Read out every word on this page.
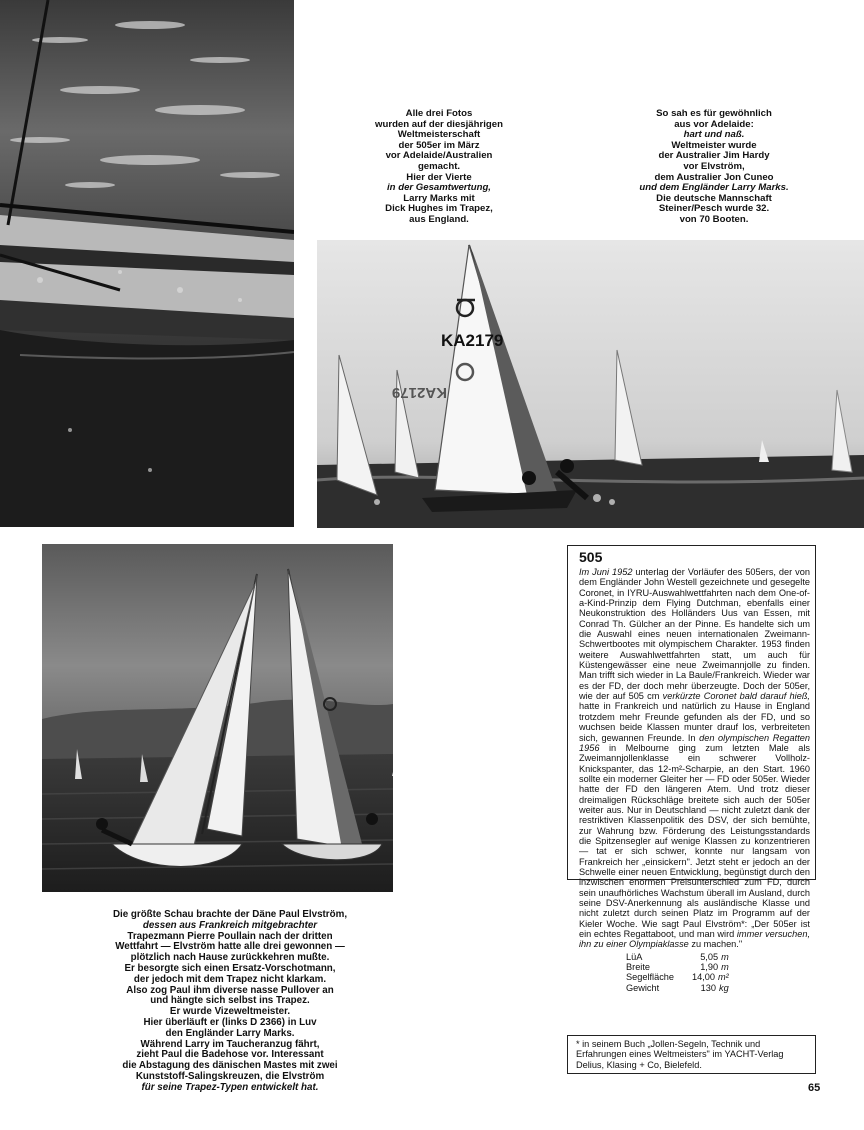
Alle drei Fotos
wurden auf der diesjährigen
Weltmeisterschaft
der 505er im März
vor Adelaide/Australien
gemacht.
Hier der Vierte
in der Gesamtwertung,
Larry Marks mit
Dick Hughes im Trapez,
aus England.
So sah es für gewöhnlich
aus vor Adelaide:
hart und naß.
Weltmeister wurde
der Australier Jim Hardy
vor Elvström,
dem Australier Jon Cuneo
und dem Engländer Larry Marks.
Die deutsche Mannschaft
Steiner/Pesch wurde 32.
von 70 Booten.
KA2179
KA2179
Die größte Schau brachte der Däne Paul Elvström,
dessen aus Frankreich mitgebrachter
Trapezmann Pierre Poullain nach der dritten
Wettfahrt — Elvström hatte alle drei gewonnen —
plötzlich nach Hause zurückkehren mußte.
Er besorgte sich einen Ersatz-Vorschotmann,
der jedoch mit dem Trapez nicht klarkam.
Also zog Paul ihm diverse nasse Pullover an
und hängte sich selbst ins Trapez.
Er wurde Vizeweltmeister.
Hier überläuft er (links D 2366) in Luv
den Engländer Larry Marks.
Während Larry im Taucheranzug fährt,
zieht Paul die Badehose vor. Interessant
die Abstagung des dänischen Mastes mit zwei
Kunststoff-Salingskreuzen, die Elvström
für seine Trapez-Typen entwickelt hat.
505

Im Juni 1952 unterlag der Vorläufer des 505ers, der von dem Engländer John Westell gezeichnete und gesegelte Coronet, in IYRU-Auswahlwettfahrten nach dem One-of-a-Kind-Prinzip dem Flying Dutchman, ebenfalls einer Neukonstruktion des Holländers Uus van Essen, mit Conrad Th. Gülcher an der Pinne. Es handelte sich um die Auswahl eines neuen internationalen Zweimann-Schwertbootes mit olympischem Charakter. 1953 finden weitere Auswahlwettfahrten statt, um auch für Küstengewässer eine neue Zweimannjolle zu finden. Man trifft sich wieder in La Baule/Frankreich. Wieder war es der FD, der doch mehr überzeugte. Doch der 505er, wie der auf 505 cm verkürzte Coronet bald darauf hieß, hatte in Frankreich und natürlich zu Hause in England trotzdem mehr Freunde gefunden als der FD, und so wuchsen beide Klassen munter drauf los, verbreiteten sich, gewannen Freunde. In den olympischen Regatten 1956 in Melbourne ging zum letzten Male als Zweimannjollenklasse ein schwerer Vollholz-Knickspanter, das 12-m²-Scharpie, an den Start. 1960 sollte ein moderner Gleiter her — FD oder 505er. Wieder hatte der FD den längeren Atem. Und trotz dieser dreimaligen Rückschläge breitete sich auch der 505er weiter aus. Nur in Deutschland — nicht zuletzt dank der restriktiven Klassenpolitik des DSV, der sich bemühte, zur Wahrung bzw. Förderung des Leistungsstandards die Spitzensegler auf wenige Klassen zu konzentrieren — tat er sich schwer, konnte nur langsam von Frankreich her „einsickern". Jetzt steht er jedoch an der Schwelle einer neuen Entwicklung, begünstigt durch den inzwischen enormen Preisunterschied zum FD, durch sein unaufhörliches Wachstum überall im Ausland, durch seine DSV-Anerkennung als ausländische Klasse und nicht zuletzt durch seinen Platz im Programm auf der Kieler Woche. Wie sagt Paul Elvström*: „Der 505er ist ein echtes Regattaboot, und man wird immer versuchen, ihn zu einer Olympiaklasse zu machen."

LüA	5,05 m
Breite	1,90 m
Segelfläche	14,00 m²
Gewicht	130 kg
* in seinem Buch „Jollen-Segeln, Technik und Erfahrungen eines Weltmeisters" im YACHT-Verlag Delius, Klasing + Co, Bielefeld.
65
